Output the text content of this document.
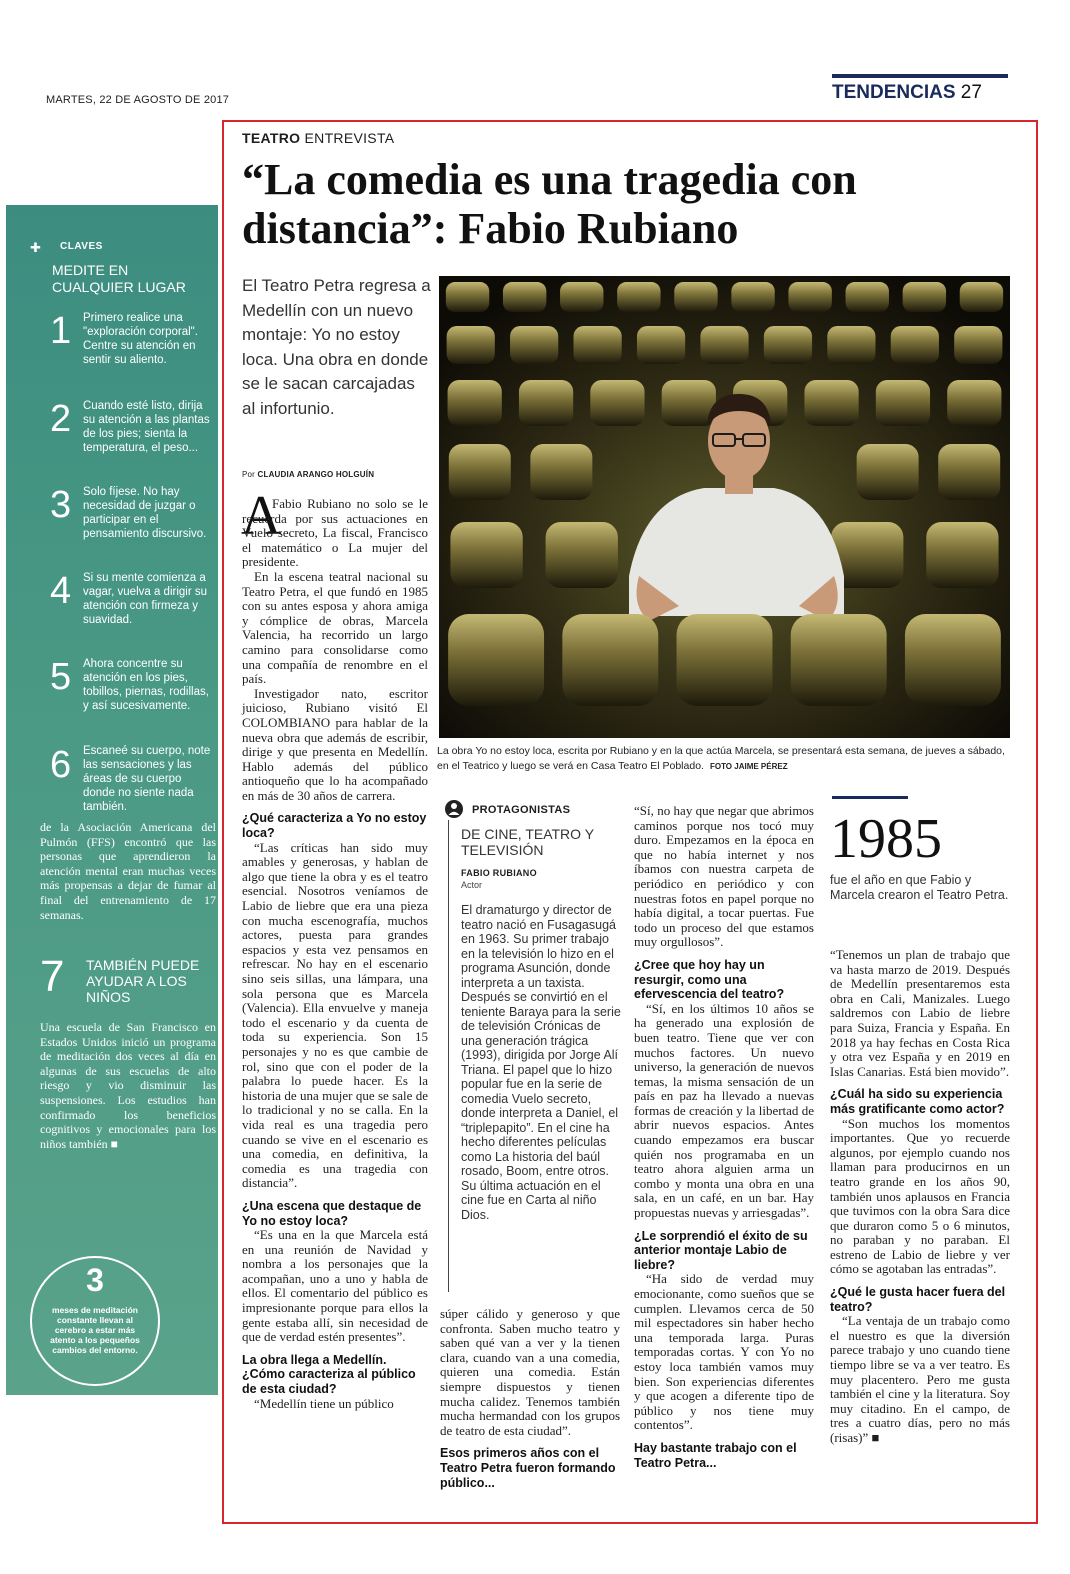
MARTES, 22 DE AGOSTO DE 2017	TENDENCIAS 27
✚ CLAVES
MEDITE EN CUALQUIER LUGAR
1 Primero realice una "exploración corporal". Centre su atención en sentir su aliento.
2 Cuando esté listo, dirija su atención a las plantas de los pies; sienta la temperatura, el peso...
3 Solo fíjese. No hay necesidad de juzgar o participar en el pensamiento discursivo.
4 Si su mente comienza a vagar, vuelva a dirigir su atención con firmeza y suavidad.
5 Ahora concentre su atención en los pies, tobillos, piernas, rodillas, y así sucesivamente.
6 Escaneé su cuerpo, note las sensaciones y las áreas de su cuerpo donde no siente nada también.
de la Asociación Americana del Pulmón (FFS) encontró que las personas que aprendieron la atención mental eran muchas veces más propensas a dejar de fumar al final del entrenamiento de 17 semanas.
7 TAMBIÉN PUEDE AYUDAR A LOS NIÑOS
Una escuela de San Francisco en Estados Unidos inició un programa de meditación dos veces al día en algunas de sus escuelas de alto riesgo y vio disminuir las suspensiones. Los estudios han confirmado los beneficios cognitivos y emocionales para los niños también ■
3
meses de meditación constante llevan al cerebro a estar más atento a los pequeños cambios del entorno.
TEATRO ENTREVISTA
“La comedia es una tragedia con distancia”: Fabio Rubiano
El Teatro Petra regresa a Medellín con un nuevo montaje: Yo no estoy loca. Una obra en donde se le sacan carcajadas al infortunio.
Por CLAUDIA ARANGO HOLGUÍN
La obra Yo no estoy loca, escrita por Rubiano y en la que actúa Marcela, se presentará esta semana, de jueves a sábado, en el Teatrico y luego se verá en Casa Teatro El Poblado. FOTO JAIME PÉREZ
A
Fabio Rubiano no solo se le recuerda por sus actuaciones en Vuelo secreto, La fiscal, Francisco el matemático o La mujer del presidente.
En la escena teatral nacional su Teatro Petra, el que fundó en 1985 con su antes esposa y ahora amiga y cómplice de obras, Marcela Valencia, ha recorrido un largo camino para consolidarse como una compañía de renombre en el país.
Investigador nato, escritor juicioso, Rubiano visitó El COLOMBIANO para hablar de la nueva obra que además de escribir, dirige y que presenta en Medellín. Hablo además del público antioqueño que lo ha acompañado en más de 30 años de carrera.
¿Qué caracteriza a Yo no estoy loca?
“Las críticas han sido muy amables y generosas, y hablan de algo que tiene la obra y es el teatro esencial. Nosotros veníamos de Labio de liebre que era una pieza con mucha escenografía, muchos actores, puesta para grandes espacios y esta vez pensamos en refrescar. No hay en el escenario sino seis sillas, una lámpara, una sola persona que es Marcela (Valencia). Ella envuelve y maneja todo el escenario y da cuenta de toda su experiencia. Son 15 personajes y no es que cambie de rol, sino que con el poder de la palabra lo puede hacer. Es la historia de una mujer que se sale de lo tradicional y no se calla. En la vida real es una tragedia pero cuando se vive en el escenario es una comedia, en definitiva, la comedia es una tragedia con distancia”.
¿Una escena que destaque de Yo no estoy loca?
“Es una en la que Marcela está en una reunión de Navidad y nombra a los personajes que la acompañan, uno a uno y habla de ellos. El comentario del público es impresionante porque para ellos la gente estaba allí, sin necesidad de que de verdad estén presentes”.
La obra llega a Medellín. ¿Cómo caracteriza al público de esta ciudad?
“Medellín tiene un público
PROTAGONISTAS
DE CINE, TEATRO Y TELEVISIÓN
FABIO RUBIANO
Actor
El dramaturgo y director de teatro nació en Fusagasugá en 1963. Su primer trabajo en la televisión lo hizo en el programa Asunción, donde interpreta a un taxista. Después se convirtió en el teniente Baraya para la serie de televisión Crónicas de una generación trágica (1993), dirigida por Jorge Alí Triana. El papel que lo hizo popular fue en la serie de comedia Vuelo secreto, donde interpreta a Daniel, el “triplepapito”. En el cine ha hecho diferentes películas como La historia del baúl rosado, Boom, entre otros. Su última actuación en el cine fue en Carta al niño Dios.
súper cálido y generoso y que confronta. Saben mucho teatro y saben qué van a ver y la tienen clara, cuando van a una comedia, quieren una comedia. Están siempre dispuestos y tienen mucha calidez. Tenemos también mucha hermandad con los grupos de teatro de esta ciudad”.
Esos primeros años con el Teatro Petra fueron formando público...
“Sí, no hay que negar que abrimos caminos porque nos tocó muy duro. Empezamos en la época en que no había internet y nos íbamos con nuestra carpeta de periódico en periódico y con nuestras fotos en papel porque no había digital, a tocar puertas. Fue todo un proceso del que estamos muy orgullosos”.
¿Cree que hoy hay un resurgir, como una efervescencia del teatro?
“Sí, en los últimos 10 años se ha generado una explosión de buen teatro. Tiene que ver con muchos factores. Un nuevo universo, la generación de nuevos temas, la misma sensación de un país en paz ha llevado a nuevas formas de creación y la libertad de abrir nuevos espacios. Antes cuando empezamos era buscar quién nos programaba en un teatro ahora alguien arma un combo y monta una obra en una sala, en un café, en un bar. Hay propuestas nuevas y arriesgadas”.
¿Le sorprendió el éxito de su anterior montaje Labio de liebre?
“Ha sido de verdad muy emocionante, como sueños que se cumplen. Llevamos cerca de 50 mil espectadores sin haber hecho una temporada larga. Puras temporadas cortas. Y con Yo no estoy loca también vamos muy bien. Son experiencias diferentes y que acogen a diferente tipo de público y nos tiene muy contentos”.
Hay bastante trabajo con el Teatro Petra...
1985
fue el año en que Fabio y Marcela crearon el Teatro Petra.
“Tenemos un plan de trabajo que va hasta marzo de 2019. Después de Medellín presentaremos esta obra en Cali, Manizales. Luego saldremos con Labio de liebre para Suiza, Francia y España. En 2018 ya hay fechas en Costa Rica y otra vez España y en 2019 en Islas Canarias. Está bien movido”.
¿Cuál ha sido su experiencia más gratificante como actor?
“Son muchos los momentos importantes. Que yo recuerde algunos, por ejemplo cuando nos llaman para producirnos en un teatro grande en los años 90, también unos aplausos en Francia que tuvimos con la obra Sara dice que duraron como 5 o 6 minutos, no paraban y no paraban. El estreno de Labio de liebre y ver cómo se agotaban las entradas”.
¿Qué le gusta hacer fuera del teatro?
“La ventaja de un trabajo como el nuestro es que la diversión parece trabajo y uno cuando tiene tiempo libre se va a ver teatro. Es muy placentero. Pero me gusta también el cine y la literatura. Soy muy citadino. En el campo, de tres a cuatro días, pero no más (risas)” ■
